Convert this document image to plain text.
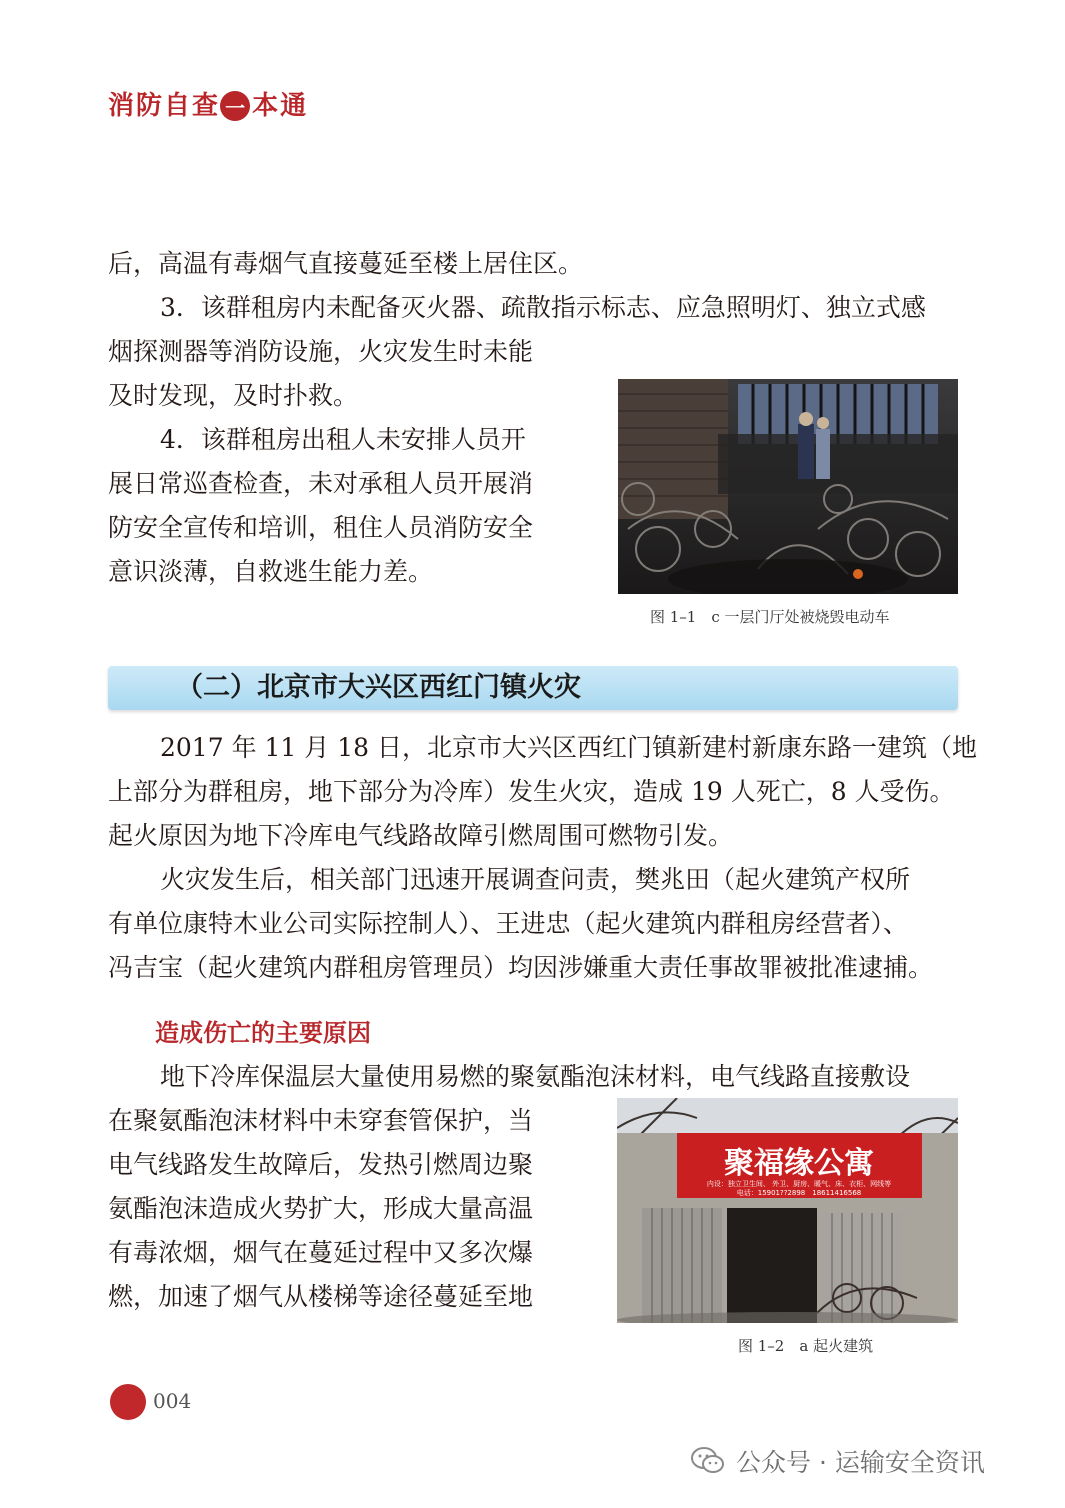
消 防 自 查 一 本 通
后，高温有毒烟气直接蔓延至楼上居住区。
3．该群租房内未配备灭火器、疏散指示标志、应急照明灯、独立式感
烟探测器等消防设施，火灾发生时未能
及时发现，及时扑救。
4．该群租房出租人未安排人员开
展日常巡查检查，未对承租人员开展消
防安全宣传和培训，租住人员消防安全
意识淡薄，自救逃生能力差。
图 1–1　c 一层门厅处被烧毁电动车
（二）北京市大兴区西红门镇火灾
2017 年 11 月 18 日，北京市大兴区西红门镇新建村新康东路一建筑（地
上部分为群租房，地下部分为冷库）发生火灾，造成 19 人死亡，8 人受伤。
起火原因为地下冷库电气线路故障引燃周围可燃物引发。
火灾发生后，相关部门迅速开展调查问责，樊兆田（起火建筑产权所
有单位康特木业公司实际控制人）、王进忠（起火建筑内群租房经营者）、
冯吉宝（起火建筑内群租房管理员）均因涉嫌重大责任事故罪被批准逮捕。
造成伤亡的主要原因
地下冷库保温层大量使用易燃的聚氨酯泡沫材料，电气线路直接敷设
在聚氨酯泡沫材料中未穿套管保护，当
电气线路发生故障后，发热引燃周边聚
氨酯泡沫造成火势扩大，形成大量高温
有毒浓烟，烟气在蔓延过程中又多次爆
燃，加速了烟气从楼梯等途径蔓延至地
聚福缘公寓
内设：独立卫生间、 外卫、厨房、暖气、床、衣柜、网线等
电话：15901??2898　18611416568
图 1–2　a 起火建筑
004
公众号 · 运输安全资讯
